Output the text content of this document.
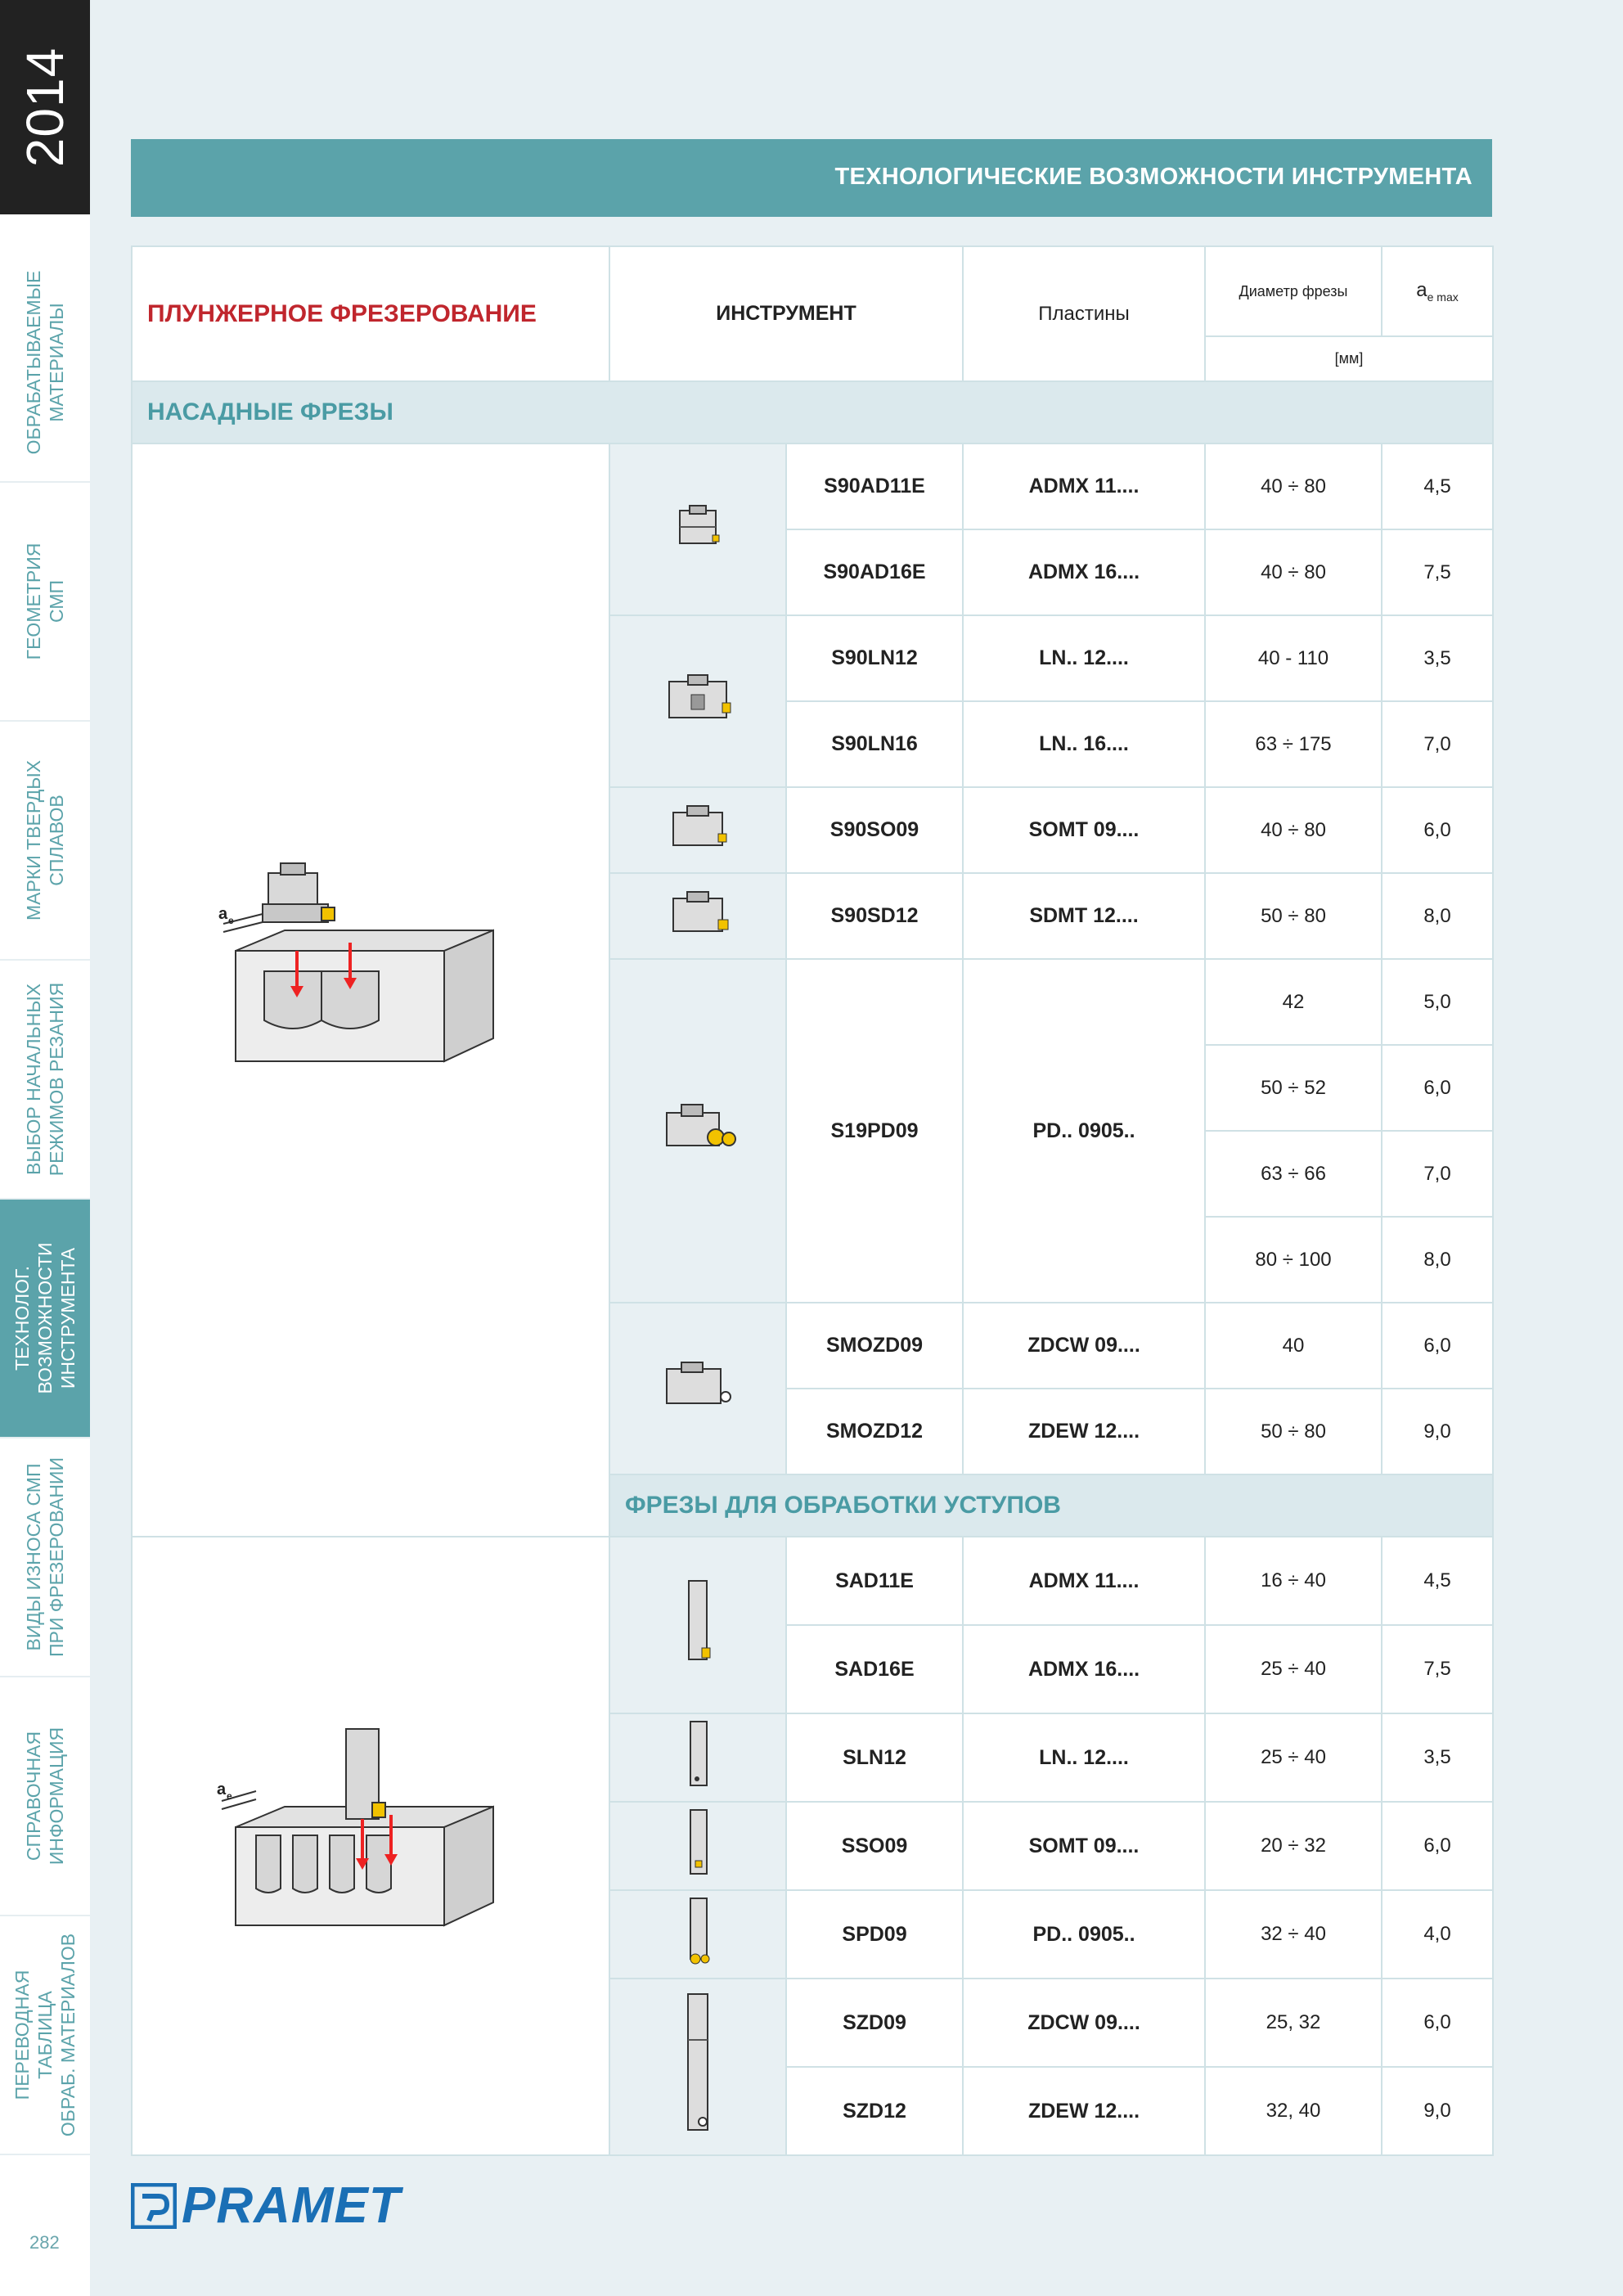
2014
ОБРАБАТЫВАЕМЫЕ
МАТЕРИАЛЫ
ГЕОМЕТРИЯ
СМП
МАРКИ ТВЕРДЫХ
СПЛАВОВ
ВЫБОР НАЧАЛЬНЫХ
РЕЖИМОВ РЕЗАНИЯ
ТЕХНОЛОГ. ВОЗМОЖНОСТИ
ИНСТРУМЕНТА
ВИДЫ ИЗНОСА СМП
ПРИ ФРЕЗЕРОВАНИИ
СПРАВОЧНАЯ
ИНФОРМАЦИЯ
ПЕРЕВОДНАЯ ТАБЛИЦА
ОБРАБ. МАТЕРИАЛОВ
282
ТЕХНОЛОГИЧЕСКИЕ ВОЗМОЖНОСТИ ИНСТРУМЕНТА
ПЛУНЖЕРНОЕ ФРЕЗЕРОВАНИЕ	ИНСТРУМЕНТ		Пластины	Диаметр фрезы	$a_{e max}$
				[мм]	
НАСАДНЫЕ ФРЕЗЫ					

a e		S90AD11E	ADMX 11....	40 ÷ 80	4,5
		S90AD16E	ADMX 16....	40 ÷ 80	7,5
	S90LN12	LN.. 12....	40 - 110	3,5
		S90LN16	LN.. 16....	63 ÷ 175	7,0
	S90SO09	SOMT 09....	40 ÷ 80	6,0
	S90SD12	SDMT 12....	50 ÷ 80	8,0
	S19PD09	PD.. 0905..	42	5,0
				50 ÷ 52	6,0
				63 ÷ 66	7,0
				80 ÷ 100	8,0
	SMOZD09	ZDCW 09....	40	6,0
		SMOZD12	ZDEW 12....	50 ÷ 80	9,0
	ФРЕЗЫ ДЛЯ ОБРАБОТКИ УСТУПОВ				

a e		SAD11E	ADMX 11....	16 ÷ 40	4,5
		SAD16E	ADMX 16....	25 ÷ 40	7,5
	SLN12	LN.. 12....	25 ÷ 40	3,5
	SSO09	SOMT 09....	20 ÷ 32	6,0
	SPD09	PD.. 0905..	32 ÷ 40	4,0
	SZD09	ZDCW 09....	25, 32	6,0
		SZD12	ZDEW 12....	32, 40	9,0
PRAMET
